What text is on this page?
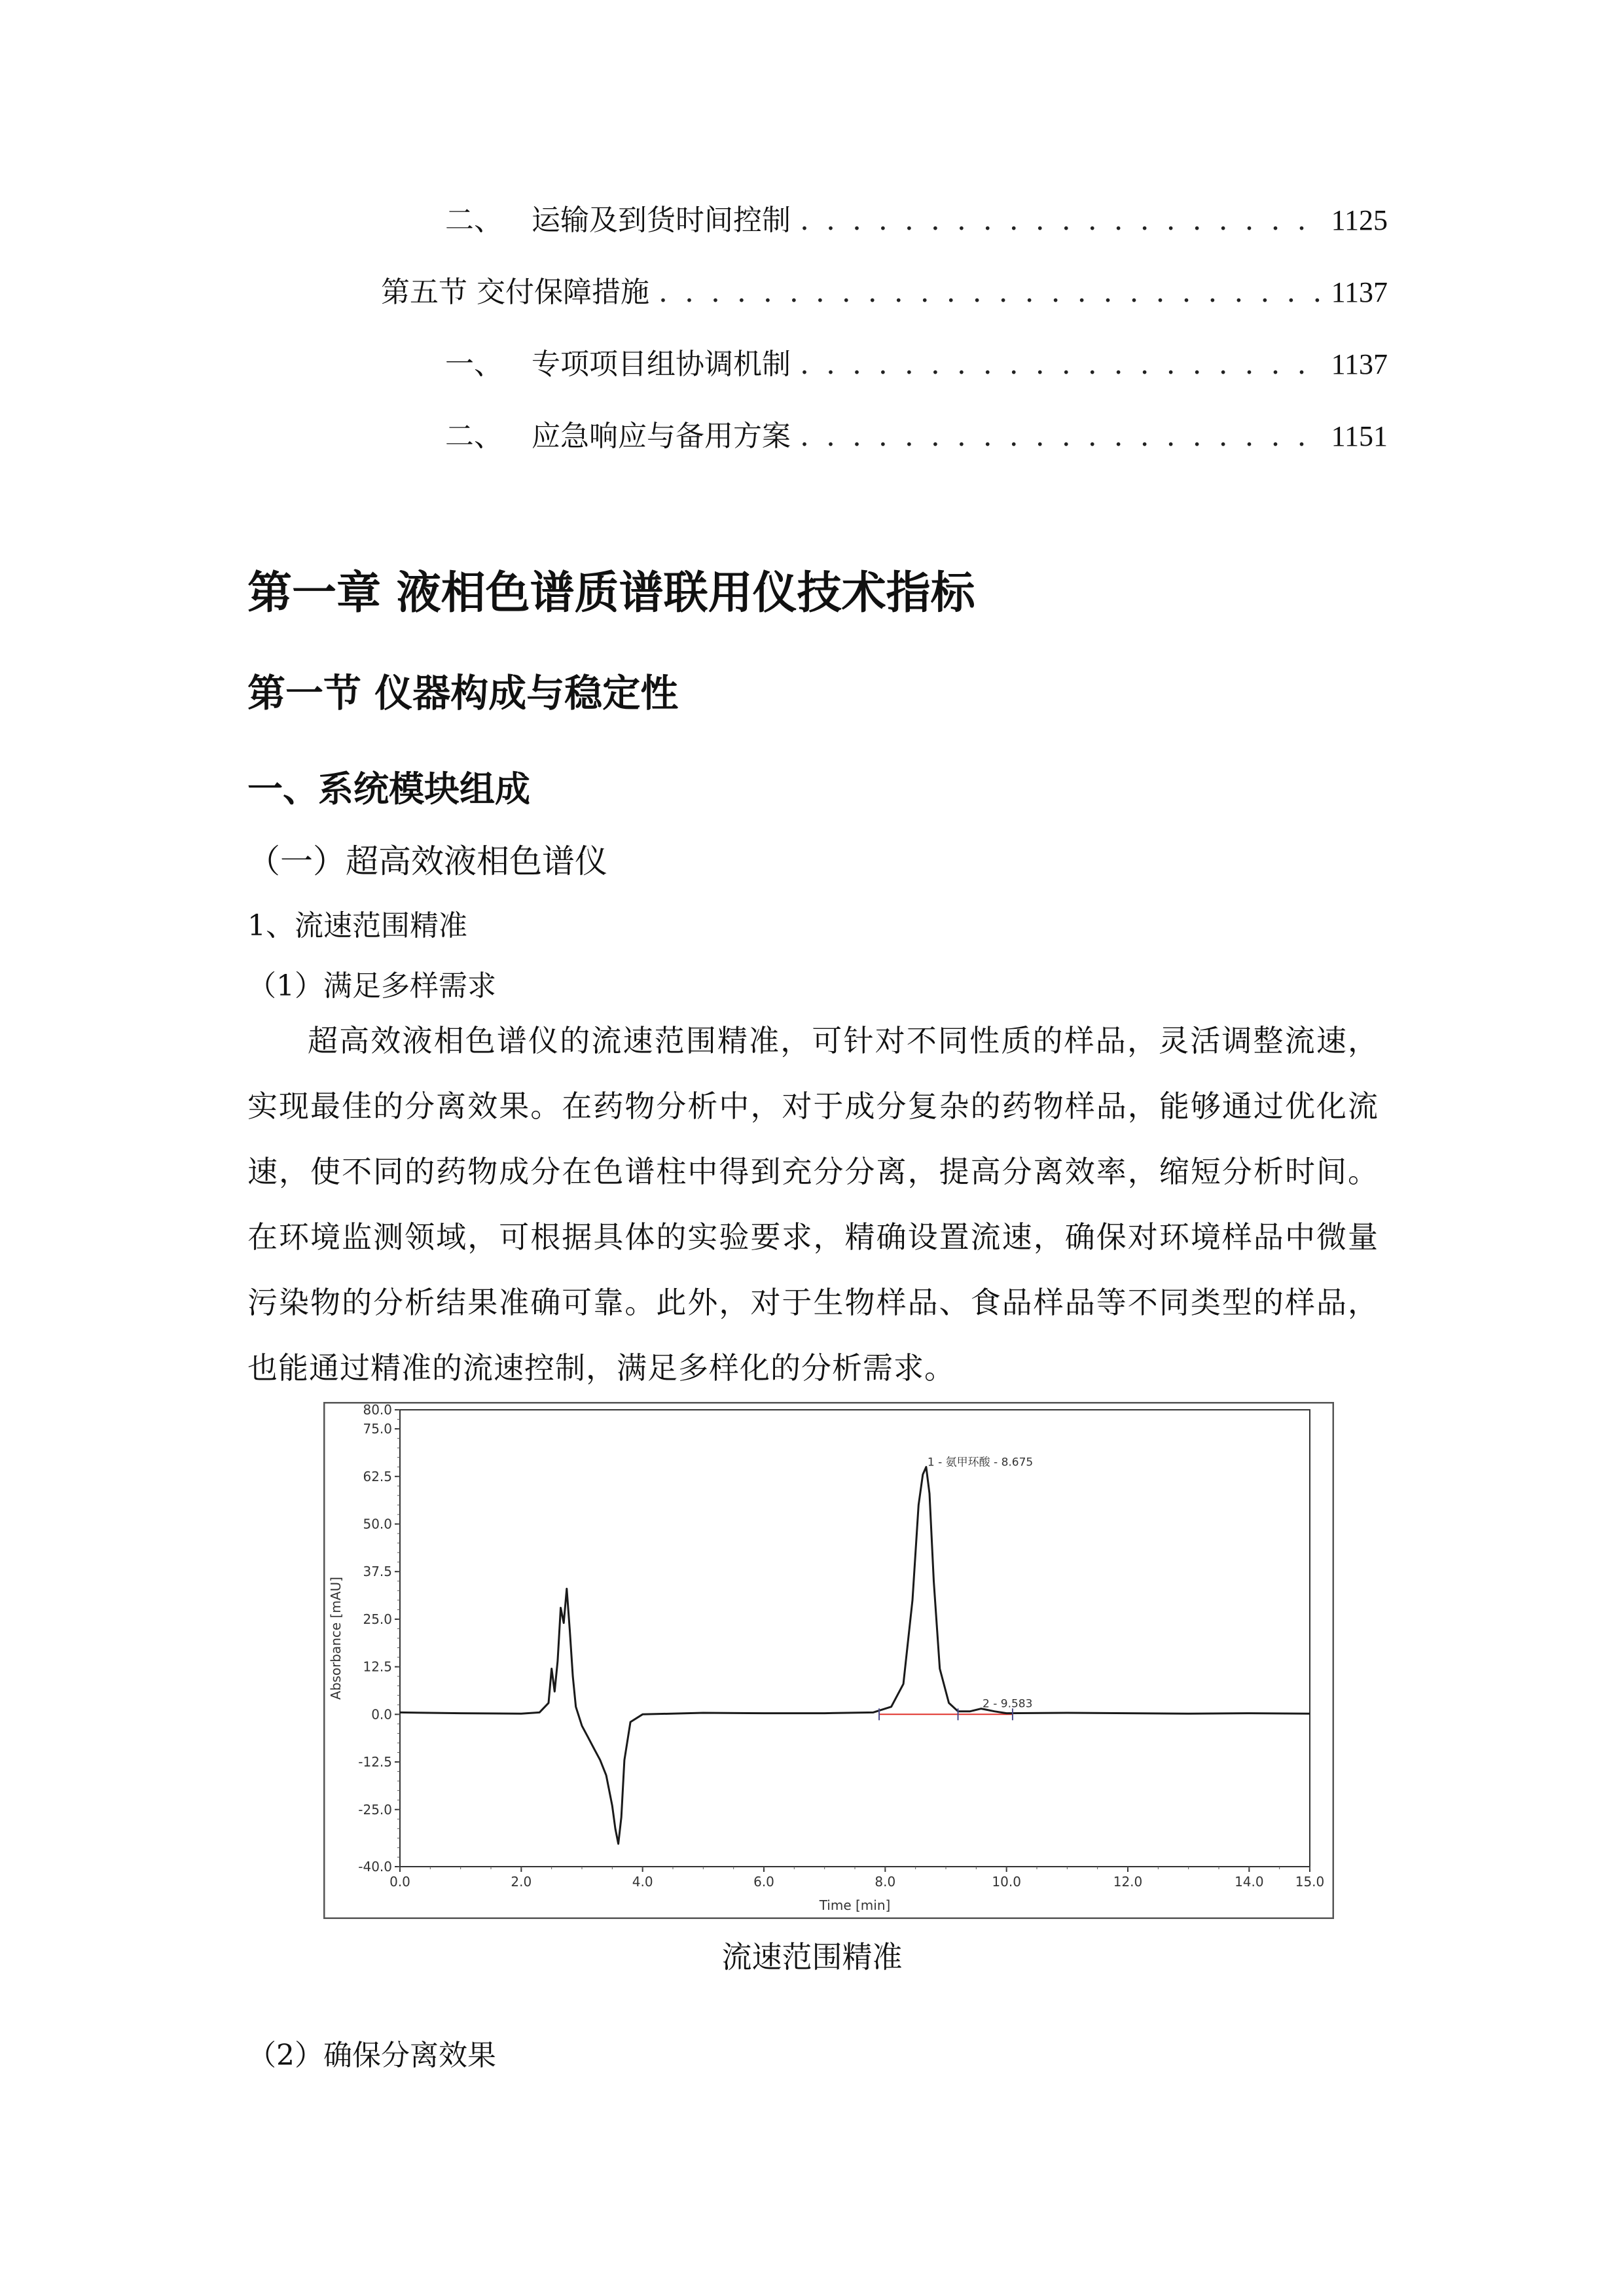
二、 运输及到货时间控制 . . .	1125
第五节 交付保障措施 . . .	1137
一、 专项项目组协调机制 . . .	1137
二、 应急响应与备用方案 . . .	1151
第一章 液相色谱质谱联用仪技术指标
第一节 仪器构成与稳定性
一、系统模块组成
（一）超高效液相色谱仪
1、流速范围精准
（1）满足多样需求
超高效液相色谱仪的流速范围精准，可针对不同性质的样品，灵活调整流速，实现最佳的分离效果。在药物分析中，对于成分复杂的药物样品，能够通过优化流速，使不同的药物成分在色谱柱中得到充分分离，提高分离效率，缩短分析时间。在环境监测领域，可根据具体的实验要求，精确设置流速，确保对环境样品中微量污染物的分析结果准确可靠。此外，对于生物样品、食品样品等不同类型的样品，也能通过精准的流速控制，满足多样化的分析需求。
80.0
75.0
62.5
50.0
37.5
25.0
12.5
0.0
-12.5
-25.0
-40.0
0.0	2.0	4.0	6.0	8.0	10.0	12.0	14.0 15.0
1 - 氨甲环酸 - 8.675
2 - 9.583
Absorbance [mAU]
Time [min]
流速范围精准
（2）确保分离效果
